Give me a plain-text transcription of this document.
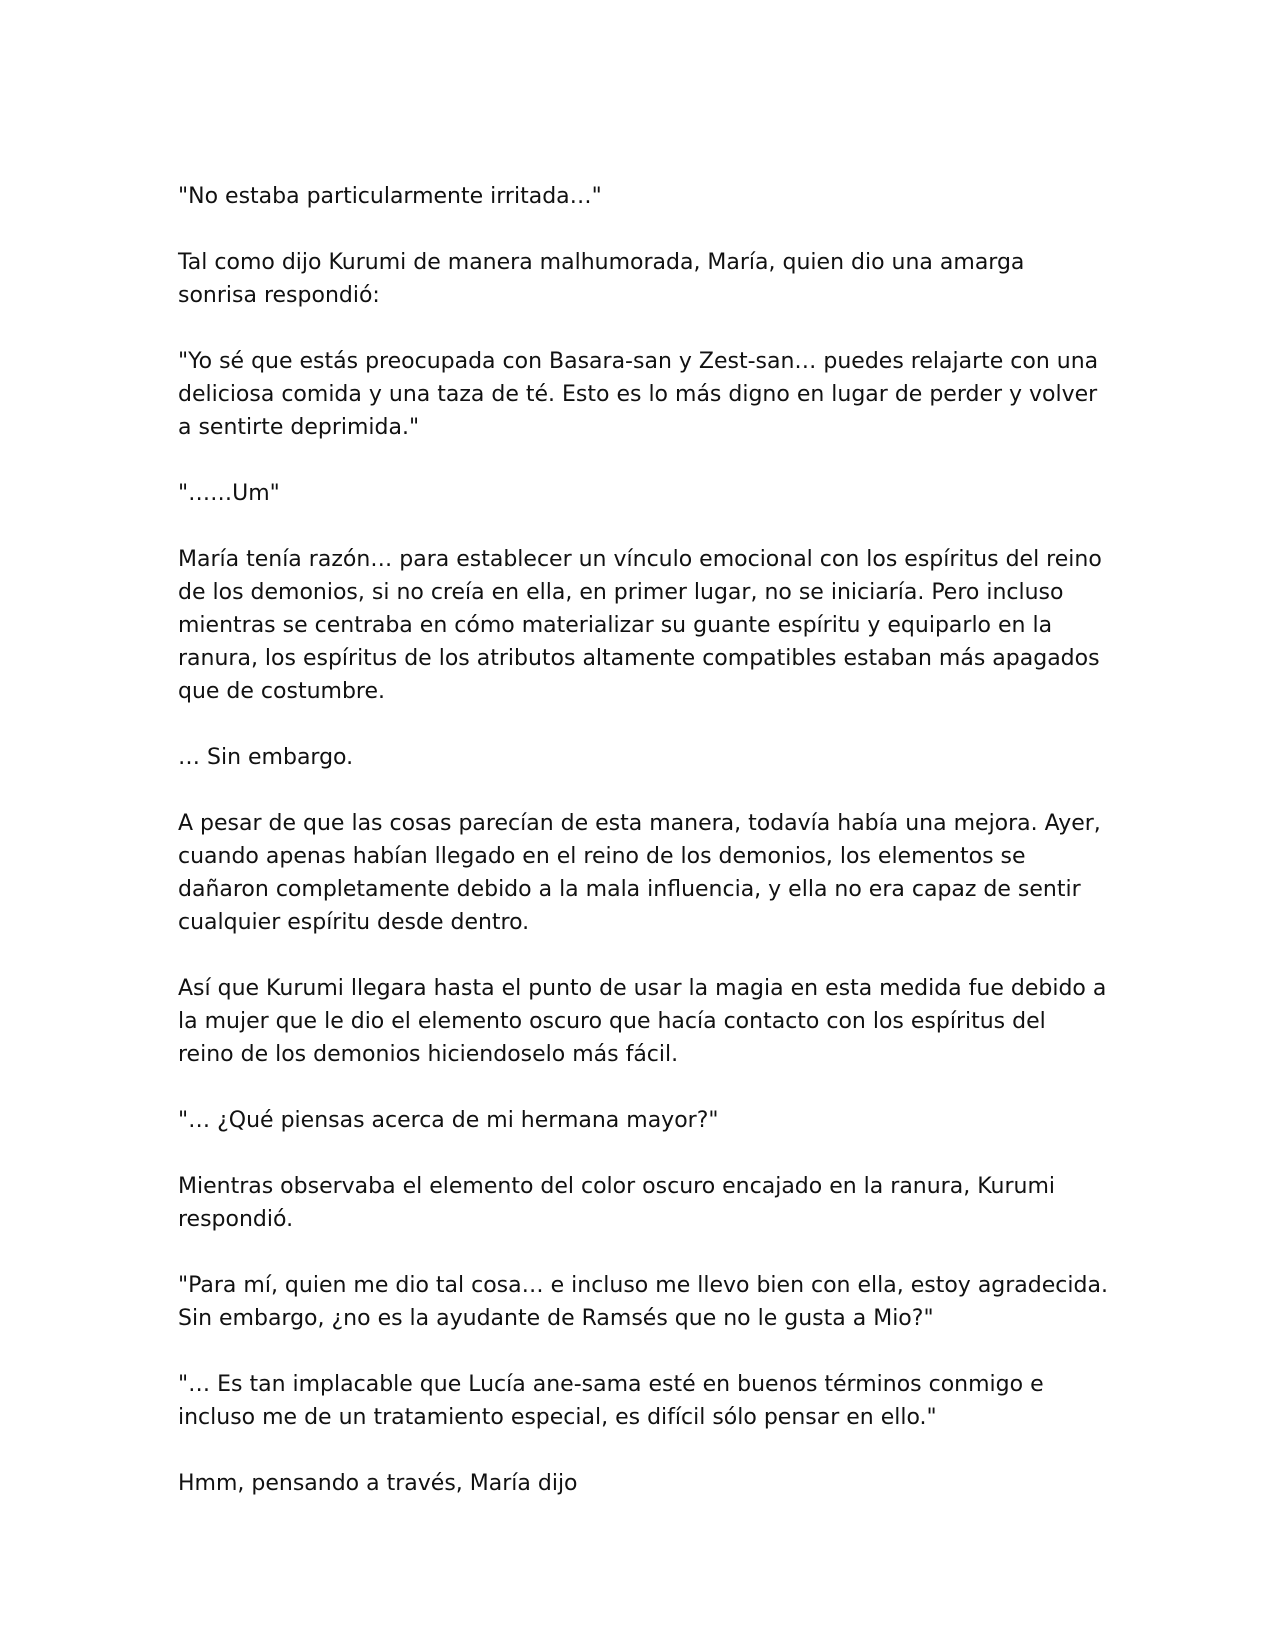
"No estaba particularmente irritada…"

Tal como dijo Kurumi de manera malhumorada, María, quien dio una amarga sonrisa respondió:

"Yo sé que estás preocupada con Basara-san y Zest-san… puedes relajarte con una deliciosa comida y una taza de té. Esto es lo más digno en lugar de perder y volver a sentirte deprimida."

"……Um"

María tenía razón… para establecer un vínculo emocional con los espíritus del reino de los demonios, si no creía en ella, en primer lugar, no se iniciaría. Pero incluso mientras se centraba en cómo materializar su guante espíritu y equiparlo en la ranura, los espíritus de los atributos altamente compatibles estaban más apagados que de costumbre.

… Sin embargo.

A pesar de que las cosas parecían de esta manera, todavía había una mejora. Ayer, cuando apenas habían llegado en el reino de los demonios, los elementos se dañaron completamente debido a la mala influencia, y ella no era capaz de sentir cualquier espíritu desde dentro.

Así que Kurumi llegara hasta el punto de usar la magia en esta medida fue debido a la mujer que le dio el elemento oscuro que hacía contacto con los espíritus del reino de los demonios hiciendoselo más fácil.

"… ¿Qué piensas acerca de mi hermana mayor?"

Mientras observaba el elemento del color oscuro encajado en la ranura, Kurumi respondió.

"Para mí, quien me dio tal cosa… e incluso me llevo bien con ella, estoy agradecida. Sin embargo, ¿no es la ayudante de Ramsés que no le gusta a Mio?"

"… Es tan implacable que Lucía ane-sama esté en buenos términos conmigo e incluso me de un tratamiento especial, es difícil sólo pensar en ello."

Hmm, pensando a través, María dijo
